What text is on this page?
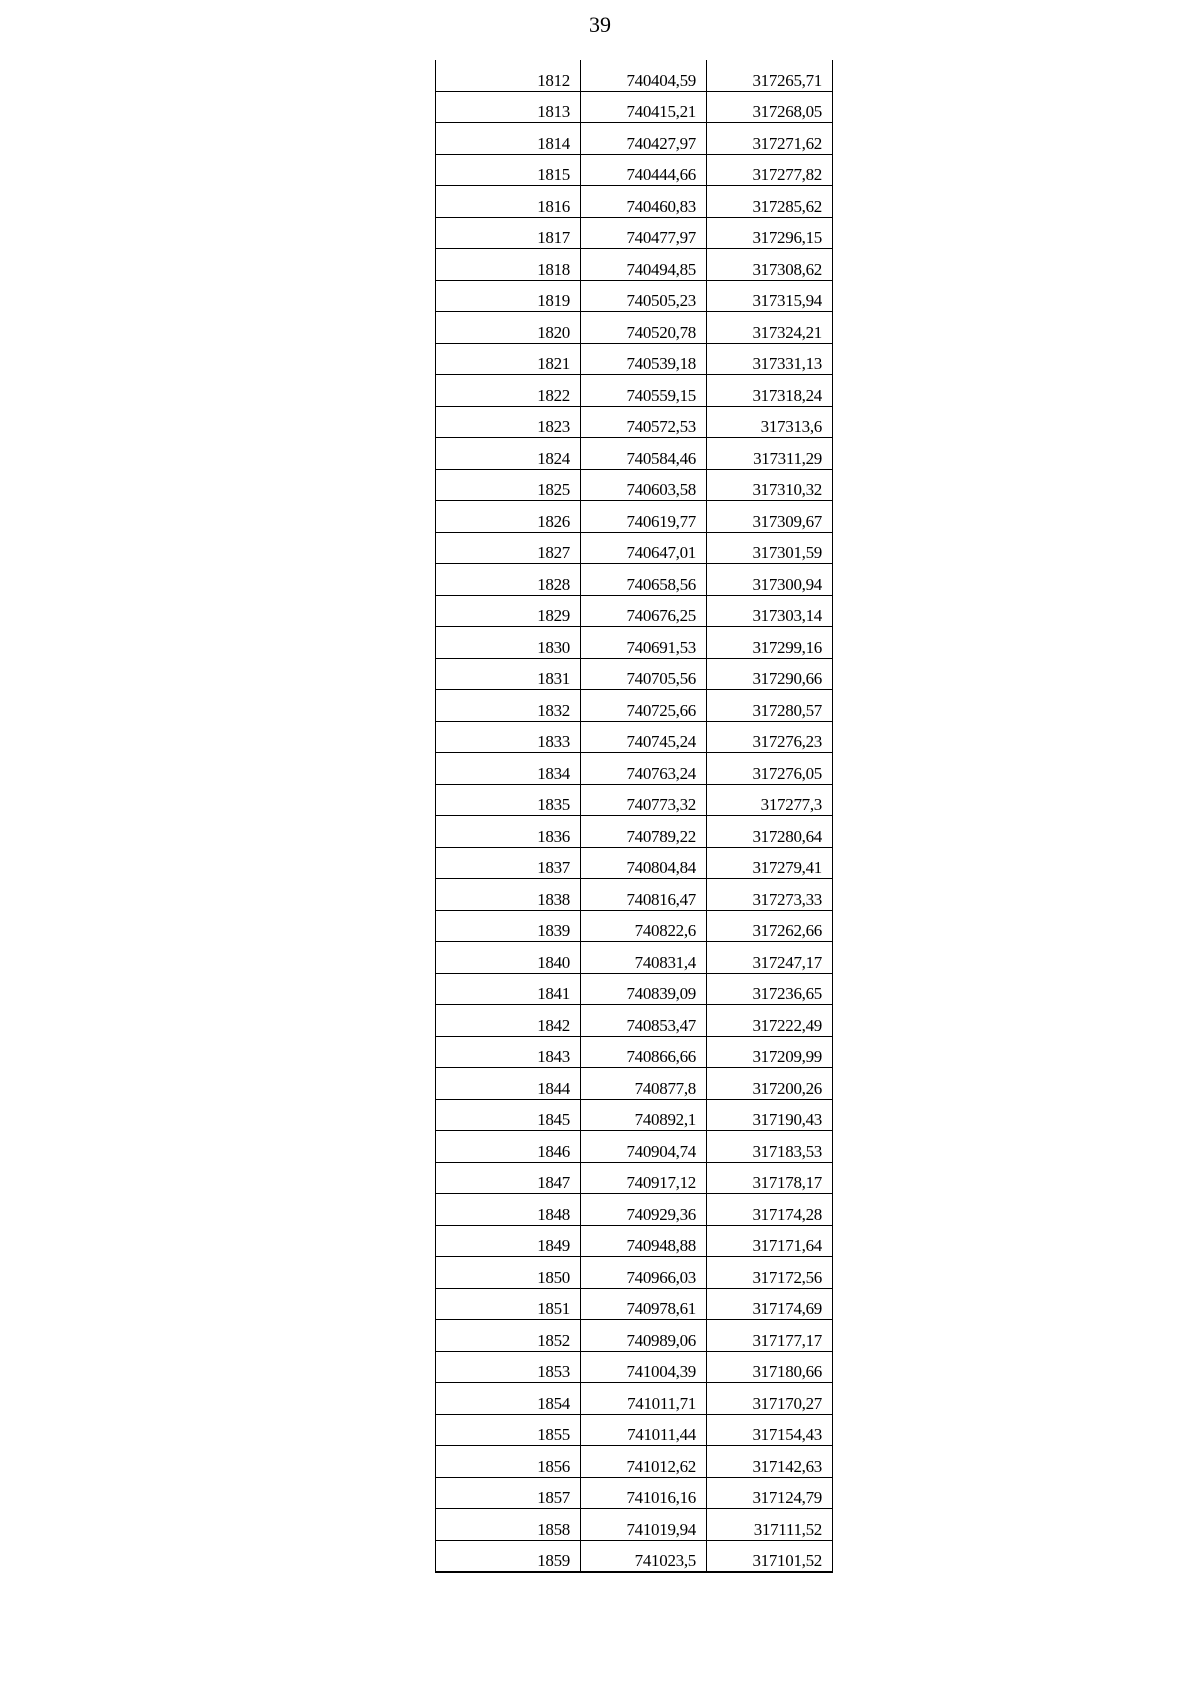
39
1812	740404,59	317265,71
1813	740415,21	317268,05
1814	740427,97	317271,62
1815	740444,66	317277,82
1816	740460,83	317285,62
1817	740477,97	317296,15
1818	740494,85	317308,62
1819	740505,23	317315,94
1820	740520,78	317324,21
1821	740539,18	317331,13
1822	740559,15	317318,24
1823	740572,53	317313,6
1824	740584,46	317311,29
1825	740603,58	317310,32
1826	740619,77	317309,67
1827	740647,01	317301,59
1828	740658,56	317300,94
1829	740676,25	317303,14
1830	740691,53	317299,16
1831	740705,56	317290,66
1832	740725,66	317280,57
1833	740745,24	317276,23
1834	740763,24	317276,05
1835	740773,32	317277,3
1836	740789,22	317280,64
1837	740804,84	317279,41
1838	740816,47	317273,33
1839	740822,6	317262,66
1840	740831,4	317247,17
1841	740839,09	317236,65
1842	740853,47	317222,49
1843	740866,66	317209,99
1844	740877,8	317200,26
1845	740892,1	317190,43
1846	740904,74	317183,53
1847	740917,12	317178,17
1848	740929,36	317174,28
1849	740948,88	317171,64
1850	740966,03	317172,56
1851	740978,61	317174,69
1852	740989,06	317177,17
1853	741004,39	317180,66
1854	741011,71	317170,27
1855	741011,44	317154,43
1856	741012,62	317142,63
1857	741016,16	317124,79
1858	741019,94	317111,52
1859	741023,5	317101,52
